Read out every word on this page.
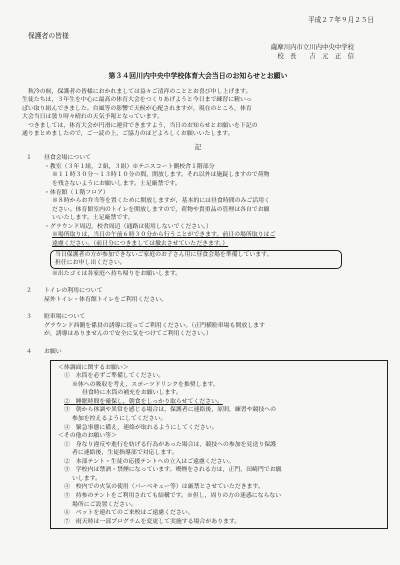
平成２７年９月２５日
保護者の皆様
薩摩川内市立川内中央中学校
校　長　　吉　元　正　信
第３４回川内中央中学校体育大会当日のお知らせとお願い

秋冷の候，保護者の皆様におかれましては益々ご清祥のこととお喜び申し上げます。

生徒たちは，３年生を中心に最高の体育大会をつくりあげようと今日まで練習に精いっ

ぱい取り組んできました。台風等の影響で天候が心配されますが，現在のところ，体育

大会当日は曇り時々晴れの天気予報となっています。

つきましては，体育大会が円滑に運営できますよう，当日のお知らせとお願いを下記の

通りまとめましたので，ご一読の上，ご協力のほどよろしくお願いいたします。

記
１ 昼食会場について

・教室（３年１組，２組，３組）※テニスコート側校舎１階部分

※１１時３０分～１３時１０分の間，開放します。それ以外は施錠しますので荷物

を残さないようにお願いします。土足厳禁です。

・体育館（１階フロア）

※８時からお弁当等を置くために開放しますが，基本的には昼食時間のみご活用く

ださい。体育館室内のトイレを開放しますので，荷物や貴重品の管理は各自でお願

いいたします。土足厳禁です。

・グラウンド周辺，校舎周辺（通路は使用しないでください。）

※場所取りは，当日の午前６時３０分から行うことができます。前日の場所取りはご

遠慮ください。（前日分につきましては撤去させていただきます。）

当日保護者の方が参加できないご家庭のお子さん用に昼食会場を準備しています。

担任にお申し出ください。

※出たゴミは各家庭へ持ち帰りをお願いします。

２ トイレの利用について

屋外トイレ・体育館トイレをご利用ください。

３ 駐車場について

グラウンド西側を係員の誘導に従ってご利用ください。（正門横駐車場も開放します

が，誘導はありませんので安全に気をつけてご利用ください。）

４ お願い

＜体調面に関するお願い＞

①　水筒を必ずご準備してください。

※体への吸収を考え，スポーツドリンクを推奨します。

昼食時に水筒の補充をお願いします。

②　睡眠時間を確保し，朝食をしっかり取らせてください。

③　朝から体調や異常を感じる場合は，保護者に連絡後，原則，練習や競技への

参加を控えるようにしてください。

④　緊急事態に備え，連絡が取れるようにしてください。

＜その他のお願い等＞

①　身なり違反や進行を妨げる行為があった場合は，競技への参加を見送り保護

者に連絡後，生徒指導部で対応します。

②　本部テント・生徒の応援テントへの立入はご遠慮ください。

③　学校内は禁酒・禁煙になっています。喫煙をされる方は，正門，田崎門でお願

いします。

④　校内での火気の使用（バーベキュー等）は厳禁とさせていただきます。

⑤　持参のテントをご利用されても結構です。※但し，周りの方の迷惑にならない

場所にご設置ください。

⑥　ペットを連れてのご来校はご遠慮ください。

⑦　雨天時は一部プログラムを変更して実施する場合があります。
